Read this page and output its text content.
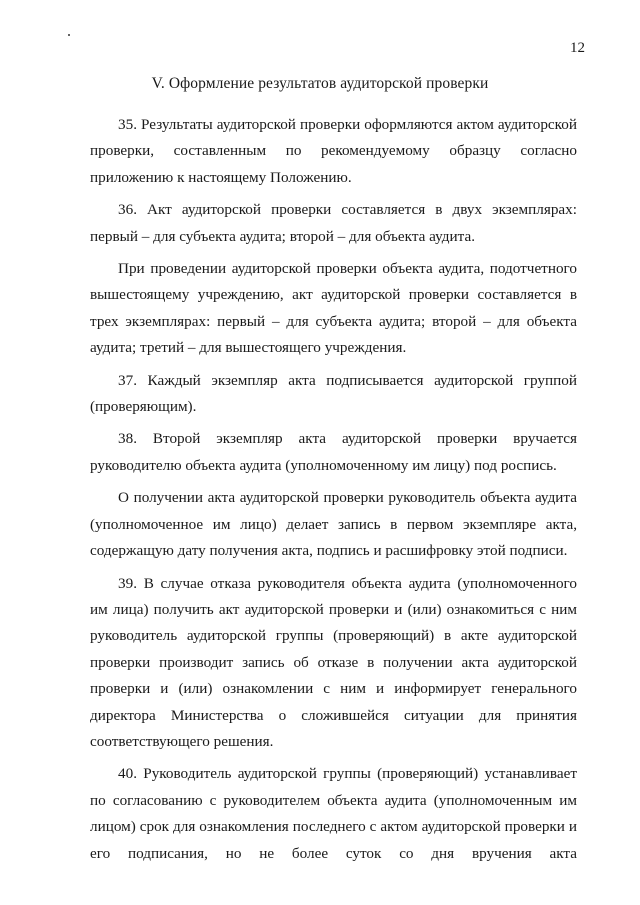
12
V. Оформление результатов аудиторской проверки

35. Результаты аудиторской проверки оформляются актом аудиторской проверки, составленным по рекомендуемому образцу согласно приложению к настоящему Положению.

36. Акт аудиторской проверки составляется в двух экземплярах: первый – для субъекта аудита; второй – для объекта аудита.

При проведении аудиторской проверки объекта аудита, подотчетного вышестоящему учреждению, акт аудиторской проверки составляется в трех экземплярах: первый – для субъекта аудита; второй – для объекта аудита; третий – для вышестоящего учреждения.

37. Каждый экземпляр акта подписывается аудиторской группой (проверяющим).

38. Второй экземпляр акта аудиторской проверки вручается руководителю объекта аудита (уполномоченному им лицу) под роспись.

О получении акта аудиторской проверки руководитель объекта аудита (уполномоченное им лицо) делает запись в первом экземпляре акта, содержащую дату получения акта, подпись и расшифровку этой подписи.

39. В случае отказа руководителя объекта аудита (уполномоченного им лица) получить акт аудиторской проверки и (или) ознакомиться с ним руководитель аудиторской группы (проверяющий) в акте аудиторской проверки производит запись об отказе в получении акта аудиторской проверки и (или) ознакомлении с ним и информирует генерального директора Министерства о сложившейся ситуации для принятия соответствующего решения.

40. Руководитель аудиторской группы (проверяющий) устанавливает по согласованию с руководителем объекта аудита (уполномоченным им лицом) срок для ознакомления последнего с актом аудиторской проверки и его подписания, но не более суток со дня вручения акта
